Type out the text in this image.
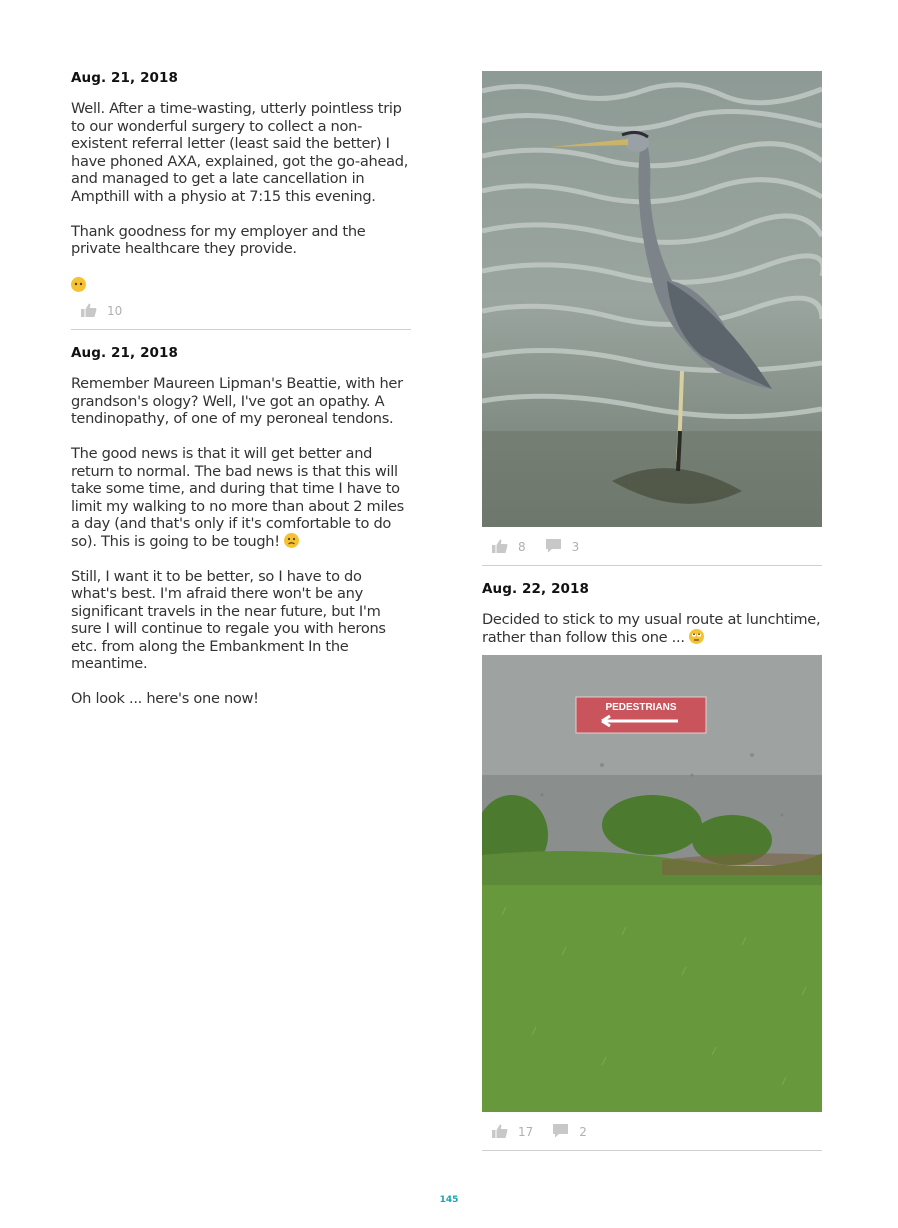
Aug. 21, 2018

Well. After a time-wasting, utterly pointless trip to our wonderful surgery to collect a non-existent referral letter (least said the better) I have phoned AXA, explained, got the go-ahead, and managed to get a late cancellation in Ampthill with a physio at 7:15 this evening.

Thank goodness for my employer and the private healthcare they provide.

10
Aug. 21, 2018

Remember Maureen Lipman's Beattie, with her grandson's ology? Well, I've got an opathy. A tendinopathy, of one of my peroneal tendons.

The good news is that it will get better and return to normal. The bad news is that this will take some time, and during that time I have to limit my walking to no more than about 2 miles a day (and that's only if it's comfortable to do so). This is going to be tough!

Still, I want it to be better, so I have to do what's best. I'm afraid there won't be any significant travels in the near future, but I'm sure I will continue to regale you with herons etc. from along the Embankment In the meantime.

Oh look ... here's one now!

8	3
Aug. 22, 2018

Decided to stick to my usual route at lunchtime, rather than follow this one ...

PEDESTRIANS
17	2
145
